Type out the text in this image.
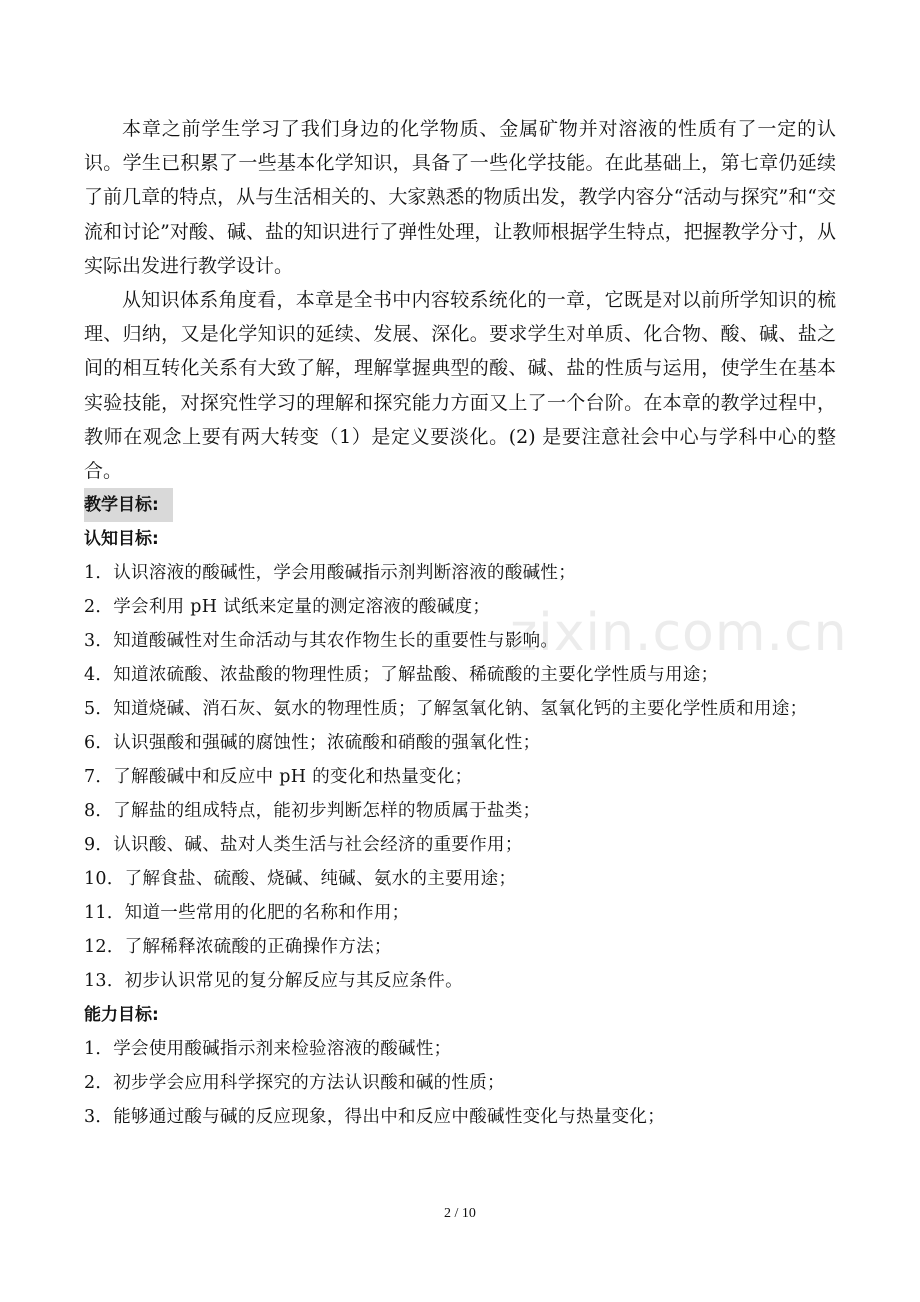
zixin.com.cn

本章之前学生学习了我们身边的化学物质、金属矿物并对溶液的性质有了一定的认识。学生已积累了一些基本化学知识，具备了一些化学技能。在此基础上，第七章仍延续了前几章的特点，从与生活相关的、大家熟悉的物质出发，教学内容分“活动与探究”和“交流和讨论”对酸、碱、盐的知识进行了弹性处理，让教师根据学生特点，把握教学分寸，从实际出发进行教学设计。

从知识体系角度看，本章是全书中内容较系统化的一章，它既是对以前所学知识的梳理、归纳，又是化学知识的延续、发展、深化。要求学生对单质、化合物、酸、碱、盐之间的相互转化关系有大致了解，理解掌握典型的酸、碱、盐的性质与运用，使学生在基本实验技能，对探究性学习的理解和探究能力方面又上了一个台阶。在本章的教学过程中，教师在观念上要有两大转变（1）是定义要淡化。(2) 是要注意社会中心与学科中心的整合。

教学目标:

认知目标:

1．认识溶液的酸碱性，学会用酸碱指示剂判断溶液的酸碱性；
2．学会利用 pH 试纸来定量的测定溶液的酸碱度；
3．知道酸碱性对生命活动与其农作物生长的重要性与影响。
4．知道浓硫酸、浓盐酸的物理性质；了解盐酸、稀硫酸的主要化学性质与用途；
5．知道烧碱、消石灰、氨水的物理性质；了解氢氧化钠、氢氧化钙的主要化学性质和用途；
6．认识强酸和强碱的腐蚀性；浓硫酸和硝酸的强氧化性；
7．了解酸碱中和反应中 pH 的变化和热量变化；
8．了解盐的组成特点，能初步判断怎样的物质属于盐类；
9．认识酸、碱、盐对人类生活与社会经济的重要作用；
10．了解食盐、硫酸、烧碱、纯碱、氨水的主要用途；
11．知道一些常用的化肥的名称和作用；
12．了解稀释浓硫酸的正确操作方法；
13．初步认识常见的复分解反应与其反应条件。

能力目标:

1．学会使用酸碱指示剂来检验溶液的酸碱性；
2．初步学会应用科学探究的方法认识酸和碱的性质；
3．能够通过酸与碱的反应现象，得出中和反应中酸碱性变化与热量变化；
2 / 10
